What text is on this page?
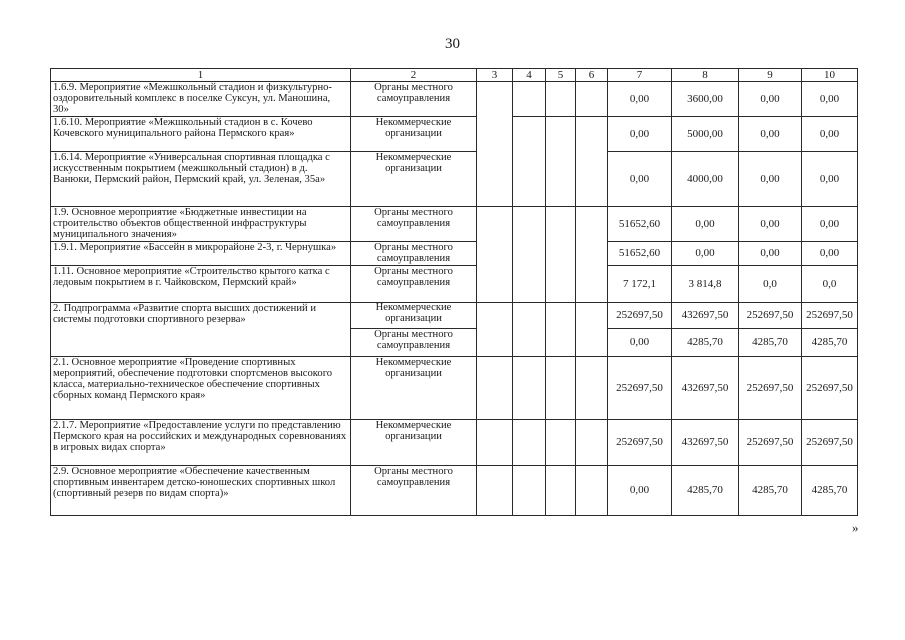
30
1	2	3	4	5	6	7	8	9	10
1.6.9. Мероприятие «Межшкольный стадион и физкультурно-оздоровительный комплекс в поселке Суксун, ул. Маношина, 30»	Органы местного самоуправления					0,00	3600,00	0,00	0,00
1.6.10. Мероприятие «Межшкольный стадион в с. Кочево Кочевского муниципального района Пермского края»	Некоммерческие организации					0,00	5000,00	0,00	0,00
1.6.14. Мероприятие «Универсальная спортивная площадка с искусственным покрытием (межшкольный стадион) в д. Ванюки, Пермский район, Пермский край, ул. Зеленая, 35а»	Некоммерческие организации					0,00	4000,00	0,00	0,00
1.9. Основное мероприятие «Бюджетные инвестиции на строительство объектов общественной инфраструктуры муниципального значения»	Органы местного самоуправления					51652,60	0,00	0,00	0,00
1.9.1. Мероприятие «Бассейн в микрорайоне 2-3, г. Чернушка»	Органы местного самоуправления					51652,60	0,00	0,00	0,00
1.11. Основное мероприятие «Строительство крытого катка с ледовым покрытием в г. Чайковском, Пермский край»	Органы местного самоуправления					7 172,1	3 814,8	0,0	0,0
2. Подпрограмма «Развитие спорта высших достижений и системы подготовки спортивного резерва»	Некоммерческие организации					252697,50	432697,50	252697,50	252697,50
	Органы местного самоуправления					0,00	4285,70	4285,70	4285,70
2.1. Основное мероприятие «Проведение спортивных мероприятий, обеспечение подготовки спортсменов высокого класса, материально-техническое обеспечение спортивных сборных команд Пермского края»	Некоммерческие организации					252697,50	432697,50	252697,50	252697,50
2.1.7. Мероприятие «Предоставление услуги по представлению Пермского края на российских и международных соревнованиях в игровых видах спорта»	Некоммерческие организации					252697,50	432697,50	252697,50	252697,50
2.9. Основное мероприятие «Обеспечение качественным спортивным инвентарем детско-юношеских спортивных школ (спортивный резерв по видам спорта)»	Органы местного самоуправления					0,00	4285,70	4285,70	4285,70
»
